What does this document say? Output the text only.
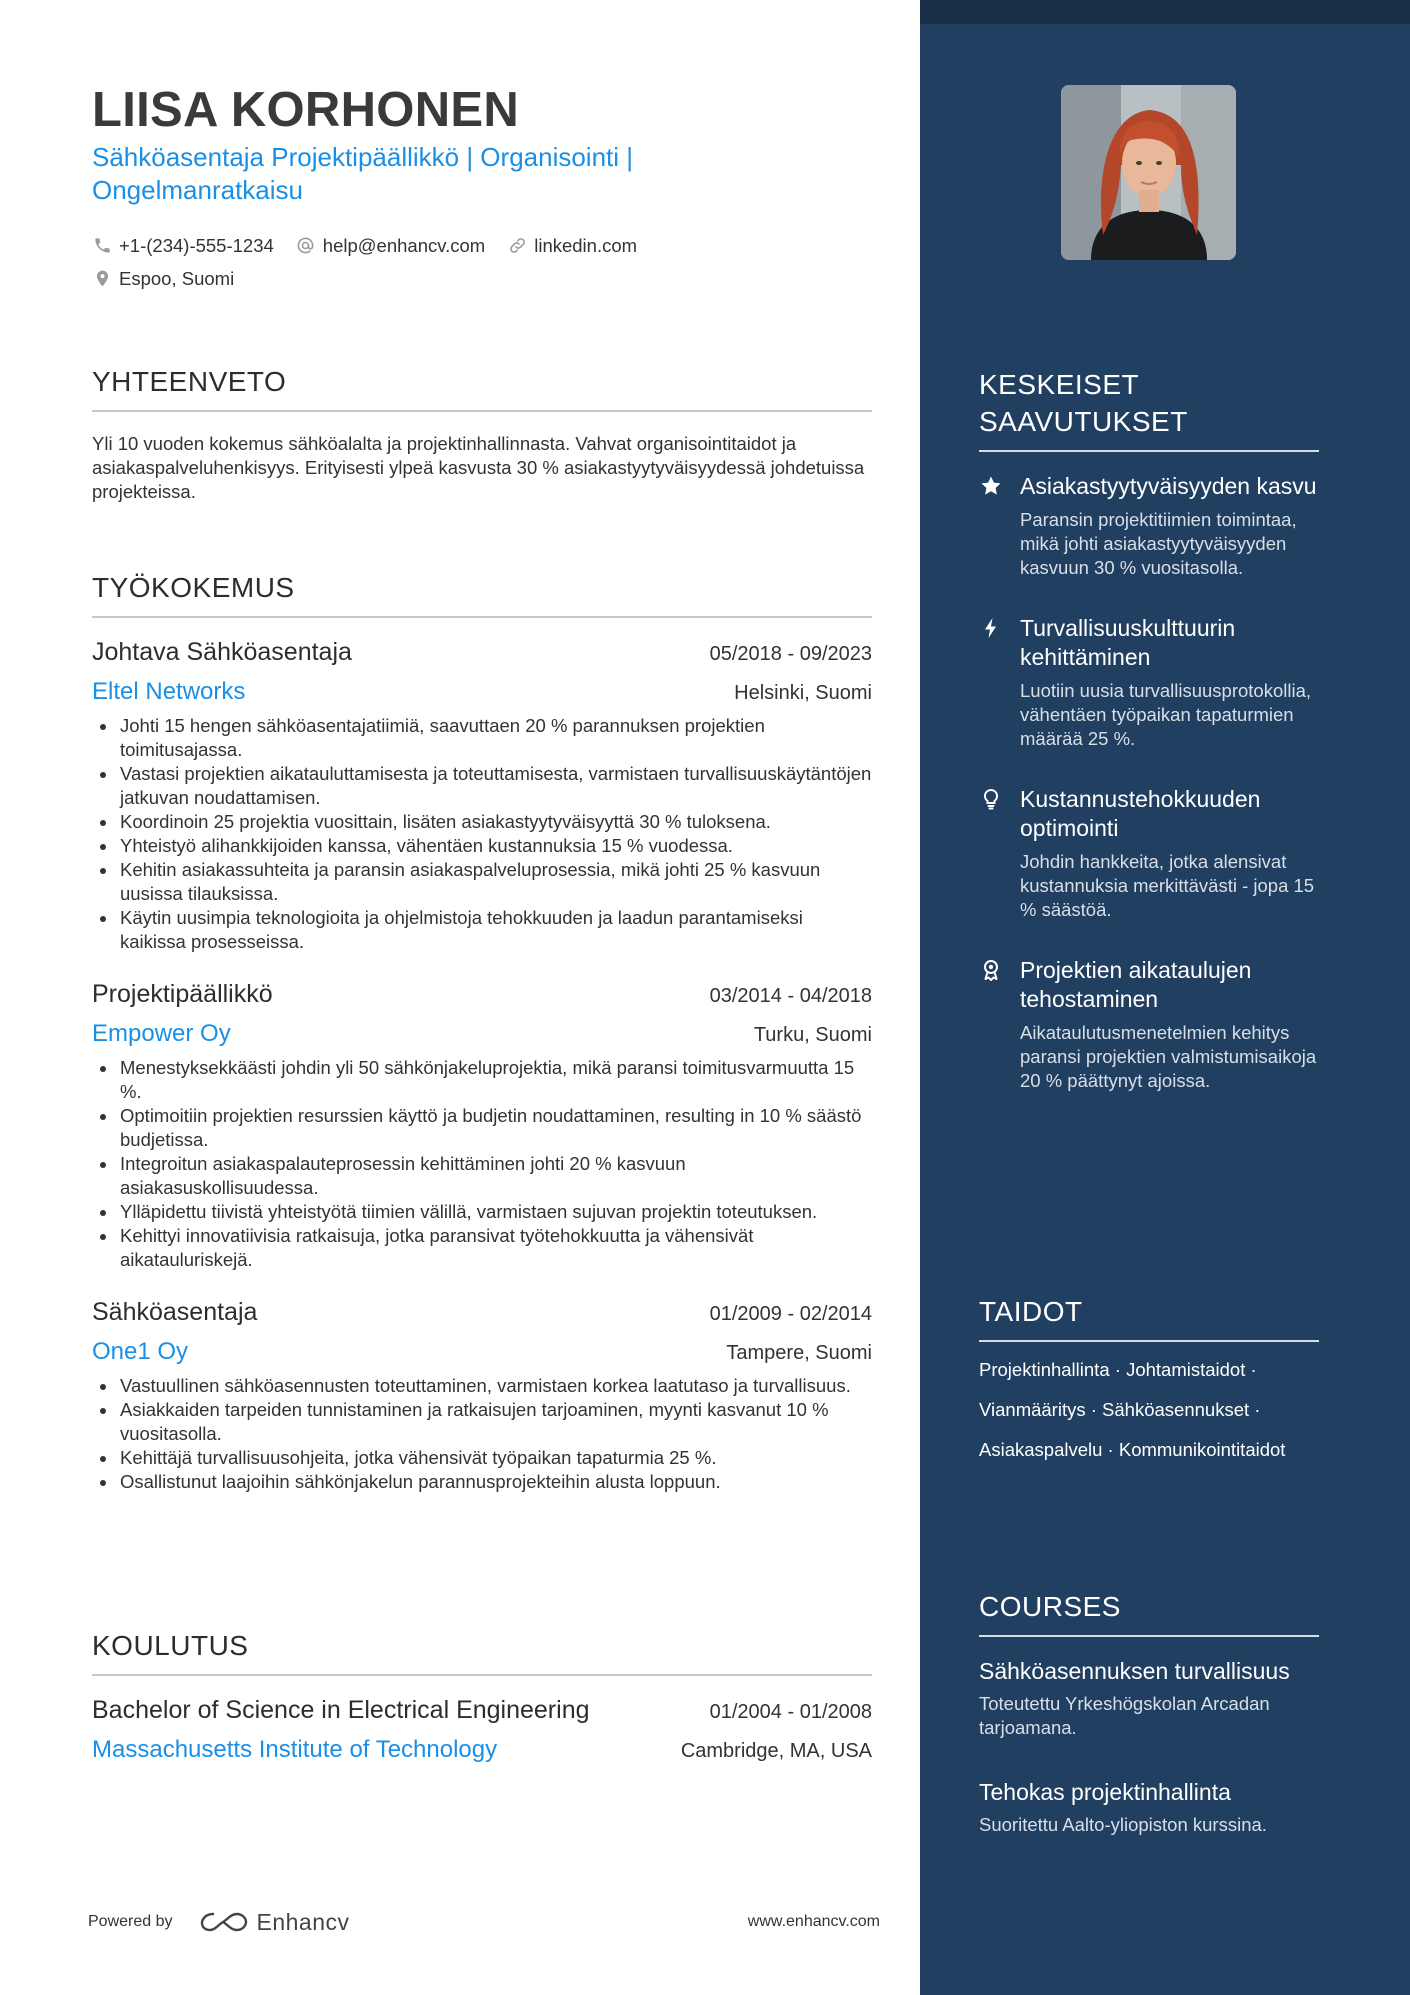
LIISA KORHONEN
Sähköasentaja Projektipäällikkö | Organisointi |
Ongelmanratkaisu
+1-(234)-555-1234	help@enhancv.com	linkedin.com
Espoo, Suomi
YHTEENVETO
Yli 10 vuoden kokemus sähköalalta ja projektinhallinnasta. Vahvat organisointitaidot ja asiakaspalveluhenkisyys. Erityisesti ylpeä kasvusta 30 % asiakastyytyväisyydessä johdetuissa projekteissa.
TYÖKOKEMUS
Johtava Sähköasentaja	05/2018 - 09/2023
Eltel Networks	Helsinki, Suomi
Johti 15 hengen sähköasentajatiimiä, saavuttaen 20 % parannuksen projektien toimitusajassa.
Vastasi projektien aikatauluttamisesta ja toteuttamisesta, varmistaen turvallisuuskäytäntöjen jatkuvan noudattamisen.
Koordinoin 25 projektia vuosittain, lisäten asiakastyytyväisyyttä 30 % tuloksena.
Yhteistyö alihankkijoiden kanssa, vähentäen kustannuksia 15 % vuodessa.
Kehitin asiakassuhteita ja paransin asiakaspalveluprosessia, mikä johti 25 % kasvuun uusissa tilauksissa.
Käytin uusimpia teknologioita ja ohjelmistoja tehokkuuden ja laadun parantamiseksi kaikissa prosesseissa.
Projektipäällikkö	03/2014 - 04/2018
Empower Oy	Turku, Suomi
Menestyksekkäästi johdin yli 50 sähkönjakeluprojektia, mikä paransi toimitusvarmuutta 15 %.
Optimoitiin projektien resurssien käyttö ja budjetin noudattaminen, resulting in 10 % säästö budjetissa.
Integroitun asiakaspalauteprosessin kehittäminen johti 20 % kasvuun asiakasuskollisuudessa.
Ylläpidettu tiivistä yhteistyötä tiimien välillä, varmistaen sujuvan projektin toteutuksen.
Kehittyi innovatiivisia ratkaisuja, jotka paransivat työtehokkuutta ja vähensivät aikatauluriskejä.
Sähköasentaja	01/2009 - 02/2014
One1 Oy	Tampere, Suomi
Vastuullinen sähköasennusten toteuttaminen, varmistaen korkea laatutaso ja turvallisuus.
Asiakkaiden tarpeiden tunnistaminen ja ratkaisujen tarjoaminen, myynti kasvanut 10 % vuositasolla.
Kehittäjä turvallisuusohjeita, jotka vähensivät työpaikan tapaturmia 25 %.
Osallistunut laajoihin sähkönjakelun parannusprojekteihin alusta loppuun.
KOULUTUS
Bachelor of Science in Electrical Engineering	01/2004 - 01/2008
Massachusetts Institute of Technology	Cambridge, MA, USA
Powered by	Enhancv	www.enhancv.com
KESKEISET
SAAVUTUKSET
Asiakastyytyväisyyden kasvu
Paransin projektitiimien toimintaa, mikä johti asiakastyytyväisyyden kasvuun 30 % vuositasolla.
Turvallisuuskulttuurin kehittäminen
Luotiin uusia turvallisuusprotokollia, vähentäen työpaikan tapaturmien määrää 25 %.
Kustannustehokkuuden optimointi
Johdin hankkeita, jotka alensivat kustannuksia merkittävästi - jopa 15 % säästöä.
Projektien aikataulujen tehostaminen
Aikataulutusmenetelmien kehitys paransi projektien valmistumisaikoja 20 % päättynyt ajoissa.
TAIDOT
Projektinhallinta · Johtamistaidot · Vianmääritys · Sähköasennukset · Asiakaspalvelu · Kommunikointitaidot
COURSES
Sähköasennuksen turvallisuus
Toteutettu Yrkeshögskolan Arcadan tarjoamana.
Tehokas projektinhallinta
Suoritettu Aalto-yliopiston kurssina.
